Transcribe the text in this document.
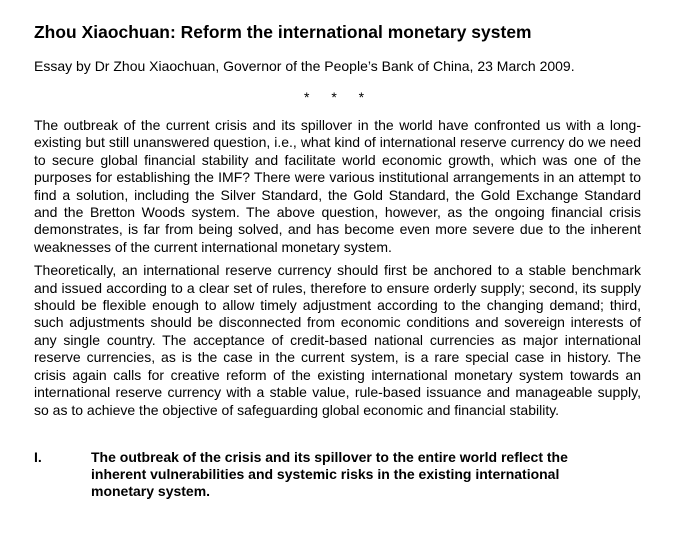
Zhou Xiaochuan: Reform the international monetary system

Essay by Dr Zhou Xiaochuan, Governor of the People’s Bank of China, 23 March 2009.

* * *

The outbreak of the current crisis and its spillover in the world have confronted us with a long-existing but still unanswered question, i.e., what kind of international reserve currency do we need to secure global financial stability and facilitate world economic growth, which was one of the purposes for establishing the IMF? There were various institutional arrangements in an attempt to find a solution, including the Silver Standard, the Gold Standard, the Gold Exchange Standard and the Bretton Woods system. The above question, however, as the ongoing financial crisis demonstrates, is far from being solved, and has become even more severe due to the inherent weaknesses of the current international monetary system.

Theoretically, an international reserve currency should first be anchored to a stable benchmark and issued according to a clear set of rules, therefore to ensure orderly supply; second, its supply should be flexible enough to allow timely adjustment according to the changing demand; third, such adjustments should be disconnected from economic conditions and sovereign interests of any single country. The acceptance of credit-based national currencies as major international reserve currencies, as is the case in the current system, is a rare special case in history. The crisis again calls for creative reform of the existing international monetary system towards an international reserve currency with a stable value, rule-based issuance and manageable supply, so as to achieve the objective of safeguarding global economic and financial stability.

I.	The outbreak of the crisis and its spillover to the entire world reflect the inherent vulnerabilities and systemic risks in the existing international monetary system.
